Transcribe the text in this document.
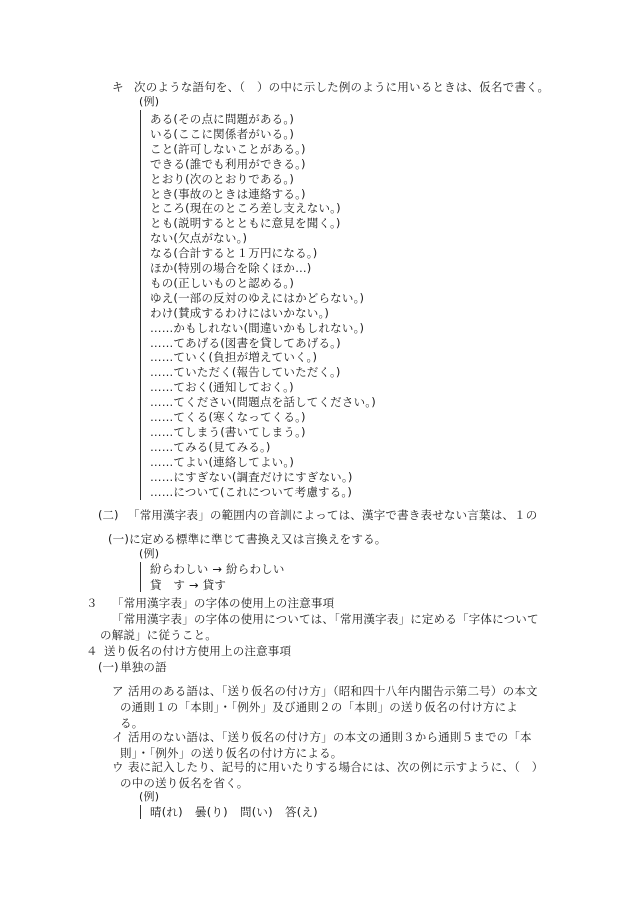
キ 次のような語句を、（　）の中に示した例のように用いるときは、仮名で書く。
(例)
ある(その点に問題がある。)
いる(ここに関係者がいる。)
こと(許可しないことがある。)
できる(誰でも利用ができる。)
とおり(次のとおりである。)
とき(事故のときは連絡する。)
ところ(現在のところ差し支えない。)
とも(説明するとともに意見を聞く。)
ない(欠点がない。)
なる(合計すると１万円になる。)
ほか(特別の場合を除くほか…)
もの(正しいものと認める。)
ゆえ(一部の反対のゆえにはかどらない。)
わけ(賛成するわけにはいかない。)
……かもしれない(間違いかもしれない。)
……てあげる(図書を貸してあげる。)
……ていく(負担が増えていく。)
……ていただく(報告していただく。)
……ておく(通知しておく。)
……てください(問題点を話してください。)
……てくる(寒くなってくる。)
……てしまう(書いてしまう。)
……てみる(見てみる。)
……てよい(連絡してよい。)
……にすぎない(調査だけにすぎない。)
……について(これについて考慮する。)
(二) 「常用漢字表」の範囲内の音訓によっては、漢字で書き表せない言葉は、１の
(一)に定める標準に準じて書換え又は言換えをする。
(例)
紛らわしい → 紛らわしい
貸　す → 貸す
３ 「常用漢字表」の字体の使用上の注意事項
「常用漢字表」の字体の使用については、「常用漢字表」に定める「字体について
の解説」に従うこと。
４ 送り仮名の付け方使用上の注意事項
(一) 単独の語
ア 活用のある語は、「送り仮名の付け方」（昭和四十八年内閣告示第二号）の本文
の通則１の「本則」・「例外」及び通則２の「本則」の送り仮名の付け方によ
る。
イ 活用のない語は、「送り仮名の付け方」の本文の通則３から通則５までの「本
則」・「例外」の送り仮名の付け方による。
ウ 表に記入したり、記号的に用いたりする場合には、次の例に示すように、（　）
の中の送り仮名を省く。
(例)
晴(れ) 曇(り) 問(い) 答(え)
